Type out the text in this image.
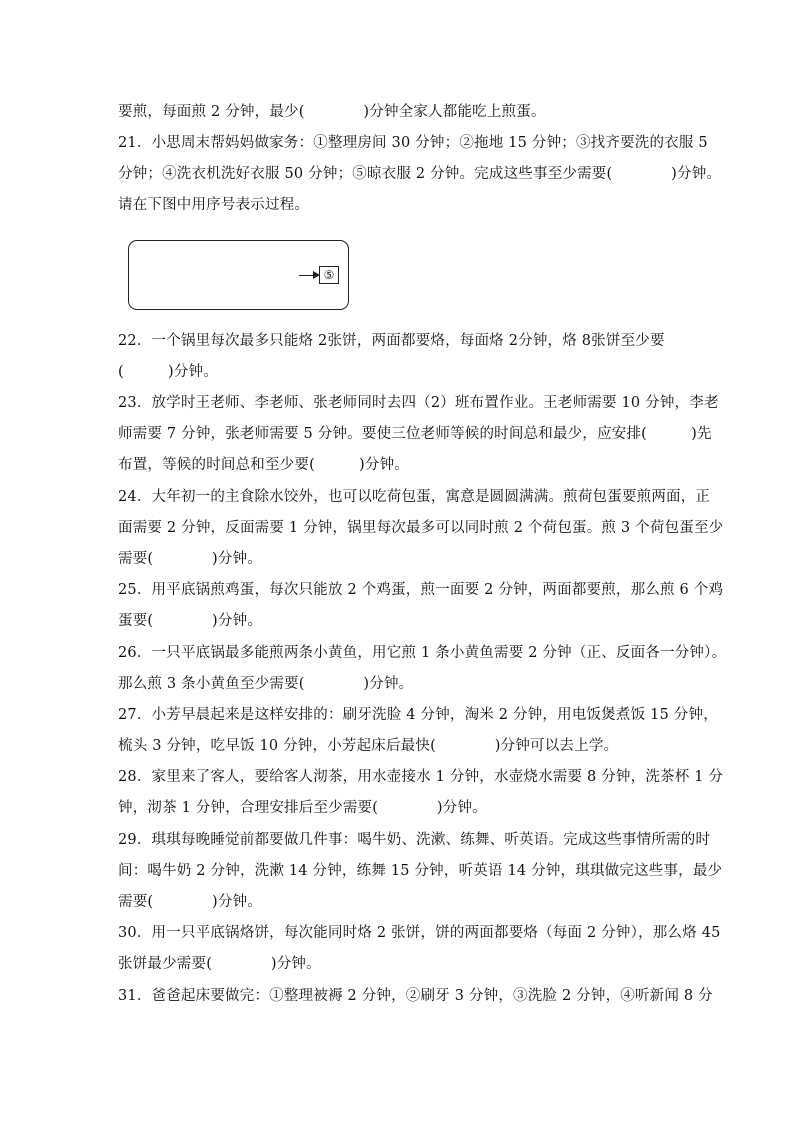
要煎，每面煎 2 分钟，最少(　　　　)分钟全家人都能吃上煎蛋。
21．小思周末帮妈妈做家务：①整理房间 30 分钟；②拖地 15 分钟；③找齐要洗的衣服 5
分钟；④洗衣机洗好衣服 50 分钟；⑤晾衣服 2 分钟。完成这些事至少需要(　　　　)分钟。
请在下图中用序号表示过程。
⑤
22．一个锅里每次最多只能烙 2张饼，两面都要烙，每面烙 2分钟，烙 8张饼至少要
(　　　)分钟。
23．放学时王老师、李老师、张老师同时去四（2）班布置作业。王老师需要 10 分钟，李老
师需要 7 分钟，张老师需要 5 分钟。要使三位老师等候的时间总和最少，应安排(　　　)先
布置，等候的时间总和至少要(　　　)分钟。
24．大年初一的主食除水饺外，也可以吃荷包蛋，寓意是圆圆满满。煎荷包蛋要煎两面，正
面需要 2 分钟，反面需要 1 分钟，锅里每次最多可以同时煎 2 个荷包蛋。煎 3 个荷包蛋至少
需要(　　　　)分钟。
25．用平底锅煎鸡蛋，每次只能放 2 个鸡蛋，煎一面要 2 分钟，两面都要煎，那么煎 6 个鸡
蛋要(　　　　)分钟。
26．一只平底锅最多能煎两条小黄鱼，用它煎 1 条小黄鱼需要 2 分钟（正、反面各一分钟）。
那么煎 3 条小黄鱼至少需要(　　　　)分钟。
27．小芳早晨起来是这样安排的：刷牙洗脸 4 分钟，淘米 2 分钟，用电饭煲煮饭 15 分钟，
梳头 3 分钟，吃早饭 10 分钟，小芳起床后最快(　　　　)分钟可以去上学。
28．家里来了客人，要给客人沏茶，用水壶接水 1 分钟，水壶烧水需要 8 分钟，洗茶杯 1 分
钟，沏茶 1 分钟，合理安排后至少需要(　　　　)分钟。
29．琪琪每晚睡觉前都要做几件事：喝牛奶、洗漱、练舞、听英语。完成这些事情所需的时
间：喝牛奶 2 分钟，洗漱 14 分钟，练舞 15 分钟，听英语 14 分钟，琪琪做完这些事，最少
需要(　　　　)分钟。
30．用一只平底锅烙饼，每次能同时烙 2 张饼，饼的两面都要烙（每面 2 分钟），那么烙 45
张饼最少需要(　　　　)分钟。
31．爸爸起床要做完：①整理被褥 2 分钟，②刷牙 3 分钟，③洗脸 2 分钟，④听新闻 8 分
